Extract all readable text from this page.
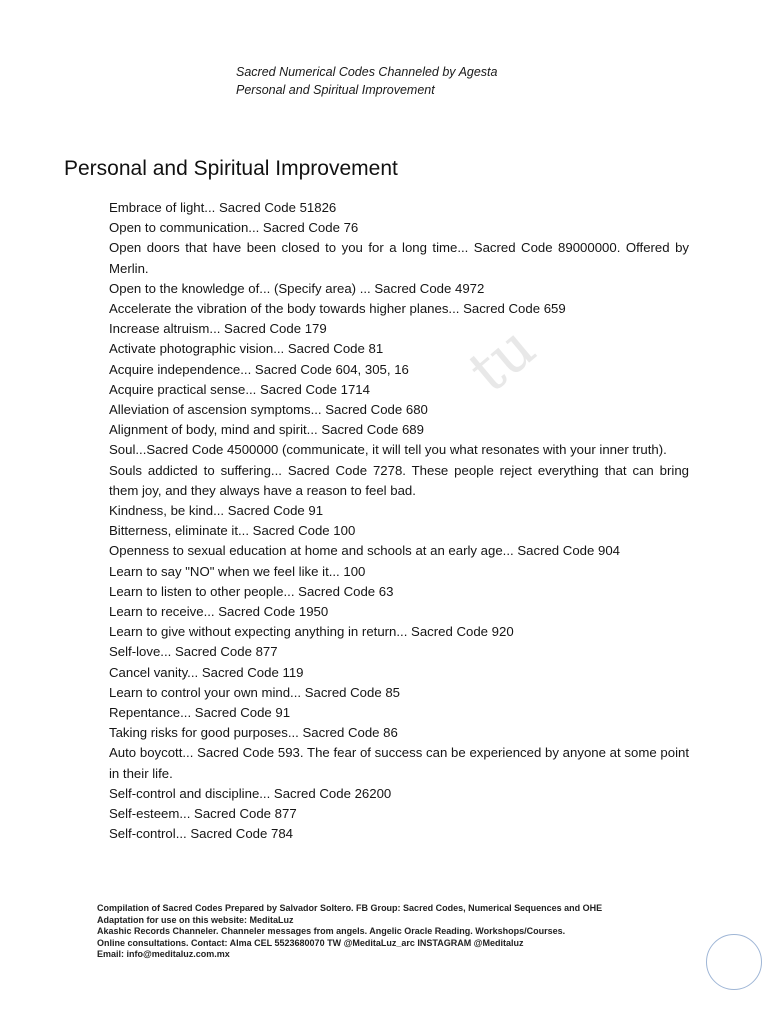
Sacred Numerical Codes Channeled by Agesta
Personal and Spiritual Improvement
Personal and Spiritual Improvement
tu
Embrace of light... Sacred Code 51826
Open to communication... Sacred Code 76
Open doors that have been closed to you for a long time... Sacred Code 89000000. Offered by Merlin.
Open to the knowledge of... (Specify area) ... Sacred Code 4972
Accelerate the vibration of the body towards higher planes... Sacred Code 659
Increase altruism... Sacred Code 179
Activate photographic vision... Sacred Code 81
Acquire independence... Sacred Code 604, 305, 16
Acquire practical sense... Sacred Code 1714
Alleviation of ascension symptoms... Sacred Code 680
Alignment of body, mind and spirit... Sacred Code 689
Soul...Sacred Code 4500000 (communicate, it will tell you what resonates with your inner truth).
Souls addicted to suffering... Sacred Code 7278. These people reject everything that can bring them joy, and they always have a reason to feel bad.
Kindness, be kind... Sacred Code 91
Bitterness, eliminate it... Sacred Code 100
Openness to sexual education at home and schools at an early age... Sacred Code 904
Learn to say "NO" when we feel like it... 100
Learn to listen to other people... Sacred Code 63
Learn to receive... Sacred Code 1950
Learn to give without expecting anything in return... Sacred Code 920
Self-love... Sacred Code 877
Cancel vanity... Sacred Code 119
Learn to control your own mind... Sacred Code 85
Repentance... Sacred Code 91
Taking risks for good purposes... Sacred Code 86
Auto boycott... Sacred Code 593. The fear of success can be experienced by anyone at some point in their life.
Self-control and discipline... Sacred Code 26200
Self-esteem... Sacred Code 877
Self-control... Sacred Code 784
Compilation of Sacred Codes Prepared by Salvador Soltero. FB Group: Sacred Codes, Numerical Sequences and OHE
Adaptation for use on this website: MeditaLuz
Akashic Records Channeler. Channeler messages from angels. Angelic Oracle Reading. Workshops/Courses.
Online consultations. Contact: Alma CEL 5523680070 TW @MeditaLuz_arc INSTAGRAM @Meditaluz
Email: info@meditaluz.com.mx
